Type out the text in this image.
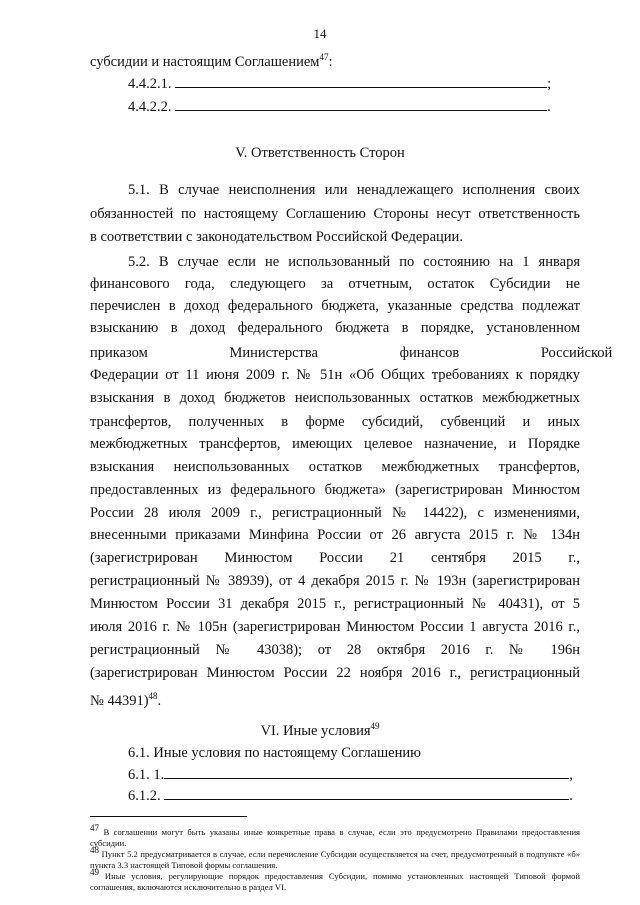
14
субсидии и настоящим Соглашением$^{47}$:
4.4.2.1.	;
4.4.2.2.	.
V. Ответственность Сторон
5.1. В случае неисполнения или ненадлежащего исполнения своих
обязанностей по настоящему Соглашению Стороны несут ответственность
в соответствии с законодательством Российской Федерации.
5.2. В случае если не использованный по состоянию на 1 января
финансового года, следующего за отчетным, остаток Субсидии не
перечислен в доход федерального бюджета, указанные средства подлежат
взысканию в доход федерального бюджета в порядке, установленном
приказом Министерства финансов Российской
Федерации от 11 июня 2009 г. № 51н «Об Общих требованиях к порядку
взыскания в доход бюджетов неиспользованных остатков межбюджетных
трансфертов, полученных в форме субсидий, субвенций и иных
межбюджетных трансфертов, имеющих целевое назначение, и Порядке
взыскания неиспользованных остатков межбюджетных трансфертов,
предоставленных из федерального бюджета» (зарегистрирован Минюстом
России 28 июля 2009 г., регистрационный № 14422), с изменениями,
внесенными приказами Минфина России от 26 августа 2015 г. № 134н
(зарегистрирован Минюстом России 21 сентября 2015 г.,
регистрационный № 38939), от 4 декабря 2015 г. № 193н (зарегистрирован
Минюстом России 31 декабря 2015 г., регистрационный № 40431), от 5
июля 2016 г. № 105н (зарегистрирован Минюстом России 1 августа 2016 г.,
регистрационный № 43038); от 28 октября 2016 г. № 196н
(зарегистрирован Минюстом России 22 ноября 2016 г., регистрационный
№ 44391)$^{48}$.
VI. Иные условия$^{49}$
6.1. Иные условия по настоящему Соглашению
6.1. 1.	,
6.1.2.	.
$^{47}$ В соглашении могут быть указаны иные конкретные права в случае, если это предусмотрено Правилами предоставления субсидии.
$^{48}$ Пункт 5.2 предусматривается в случае, если перечисление Субсидии осуществляется на счет, предусмотренный в подпункте «б» пункта 3.3 настоящей Типовой формы соглашения.
$^{49}$ Иные условия, регулирующие порядок предоставления Субсидии, помимо установленных настоящей Типовой формой соглашения, включаются исключительно в раздел VI.
